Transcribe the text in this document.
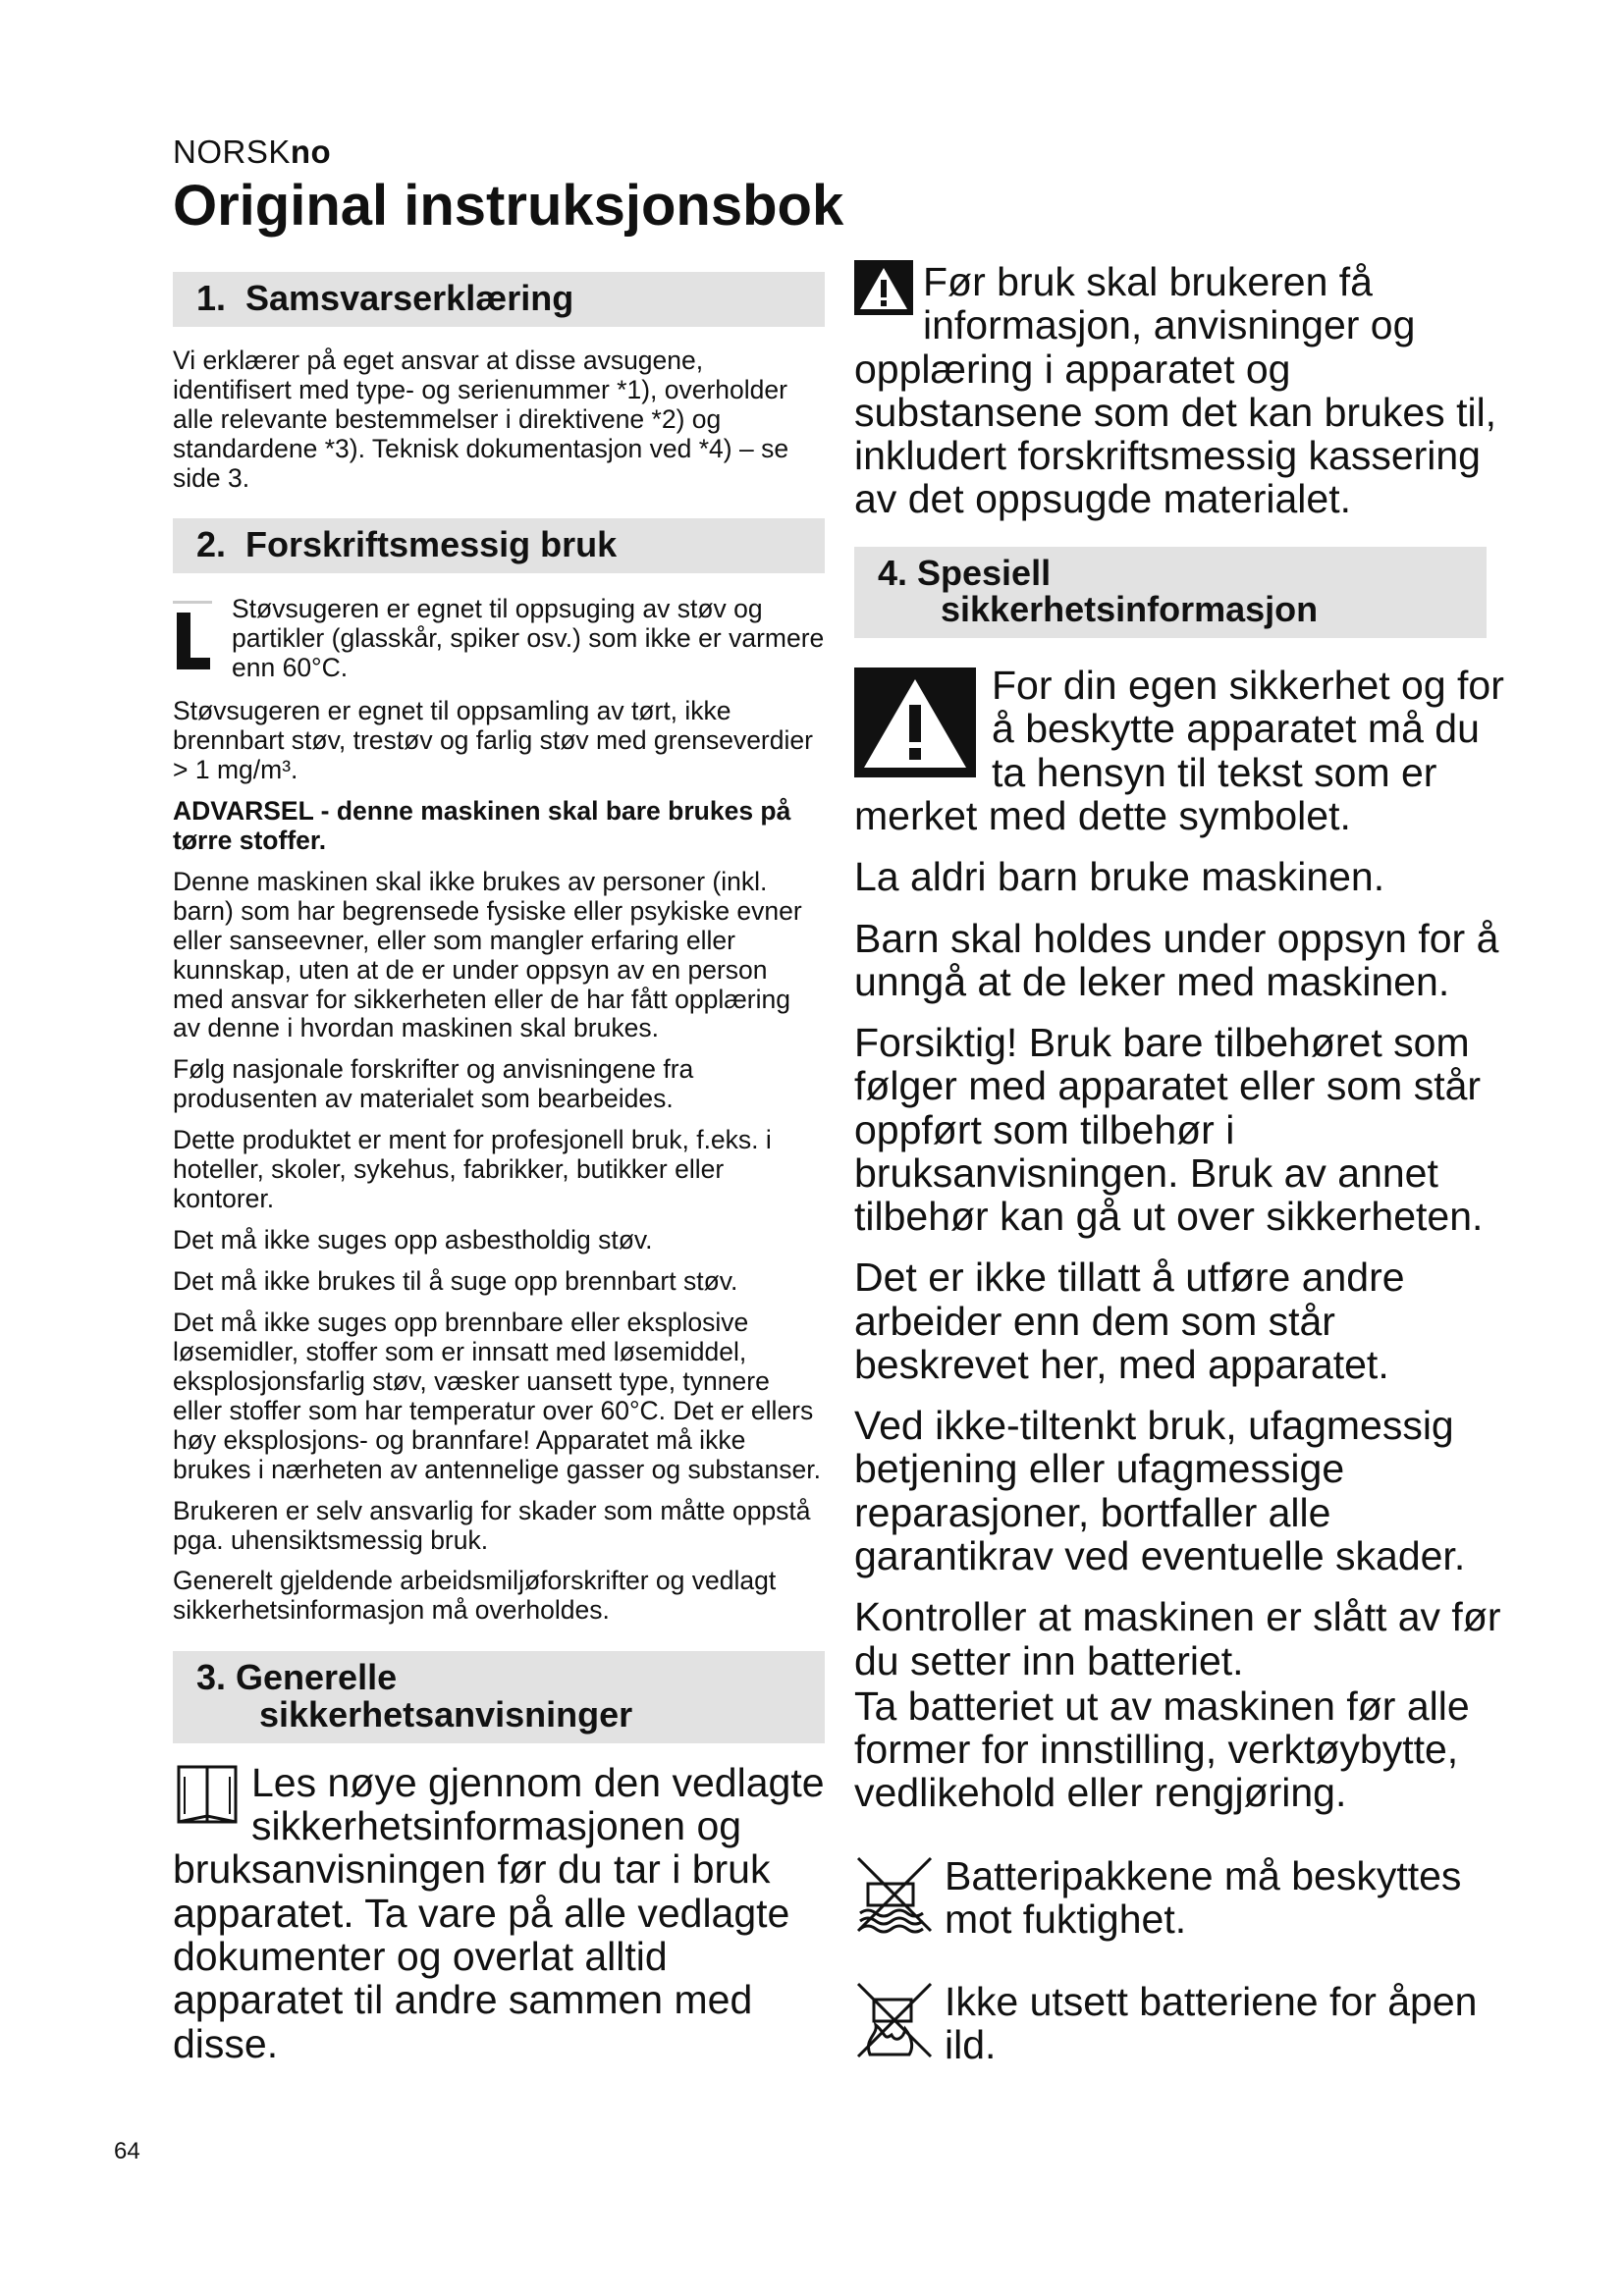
NORSKno
Original instruksjonsbok
1. Samsvarserklæring

Vi erklærer på eget ansvar at disse avsugene, identifisert med type- og serienummer *1), overholder alle relevante bestemmelser i direktivene *2) og standardene *3). Teknisk dokumentasjon ved *4) – se side 3.

2. Forskriftsmessig bruk

Støvsugeren er egnet til oppsuging av støv og partikler (glasskår, spiker osv.) som ikke er varmere enn 60°C.

Støvsugeren er egnet til oppsamling av tørt, ikke brennbart støv, trestøv og farlig støv med grenseverdier > 1 mg/m³.

ADVARSEL - denne maskinen skal bare brukes på tørre stoffer.

Denne maskinen skal ikke brukes av personer (inkl. barn) som har begrensede fysiske eller psykiske evner eller sanseevner, eller som mangler erfaring eller kunnskap, uten at de er under oppsyn av en person med ansvar for sikkerheten eller de har fått opplæring av denne i hvordan maskinen skal brukes.

Følg nasjonale forskrifter og anvisningene fra produsenten av materialet som bearbeides.

Dette produktet er ment for profesjonell bruk, f.eks. i hoteller, skoler, sykehus, fabrikker, butikker eller kontorer.

Det må ikke suges opp asbestholdig støv.

Det må ikke brukes til å suge opp brennbart støv.

Det må ikke suges opp brennbare eller eksplosive løsemidler, stoffer som er innsatt med løsemiddel, eksplosjonsfarlig støv, væsker uansett type, tynnere eller stoffer som har temperatur over 60°C. Det er ellers høy eksplosjons- og brannfare! Apparatet må ikke brukes i nærheten av antennelige gasser og substanser.

Brukeren er selv ansvarlig for skader som måtte oppstå pga. uhensiktsmessig bruk.

Generelt gjeldende arbeidsmiljøforskrifter og vedlagt sikkerhetsinformasjon må overholdes.

3. Generelle
sikkerhetsanvisninger

Les nøye gjennom den vedlagte sikkerhetsinformasjonen og bruksanvisningen før du tar i bruk apparatet. Ta vare på alle vedlagte dokumenter og overlat alltid apparatet til andre sammen med disse.

Før bruk skal brukeren få informasjon, anvisninger og opplæring i apparatet og substansene som det kan brukes til, inkludert forskriftsmessig kassering av det oppsugde materialet.

4. Spesiell
sikkerhetsinformasjon

For din egen sikkerhet og for å beskytte apparatet må du ta hensyn til tekst som er merket med dette symbolet.

La aldri barn bruke maskinen.

Barn skal holdes under oppsyn for å unngå at de leker med maskinen.

Forsiktig! Bruk bare tilbehøret som følger med apparatet eller som står oppført som tilbehør i bruksanvisningen. Bruk av annet tilbehør kan gå ut over sikkerheten.

Det er ikke tillatt å utføre andre arbeider enn dem som står beskrevet her, med apparatet.

Ved ikke-tiltenkt bruk, ufagmessig betjening eller ufagmessige reparasjoner, bortfaller alle garantikrav ved eventuelle skader.

Kontroller at maskinen er slått av før du setter inn batteriet.

Ta batteriet ut av maskinen før alle former for innstilling, verktøybytte, vedlikehold eller rengjøring.

Batteripakkene må beskyttes mot fuktighet.

Ikke utsett batteriene for åpen ild.

64
